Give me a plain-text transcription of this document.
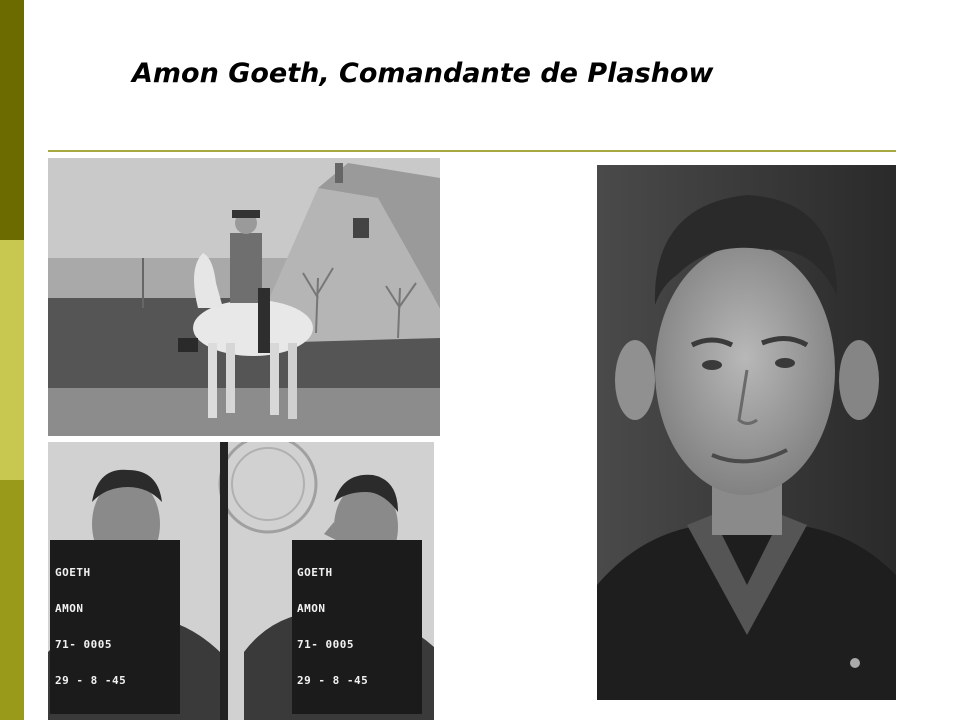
Amon Goeth, Comandante de Plashow

GOETH

AMON

71- 0005

29 - 8 -45

GOETH

AMON

71- 0005

29 - 8 -45
